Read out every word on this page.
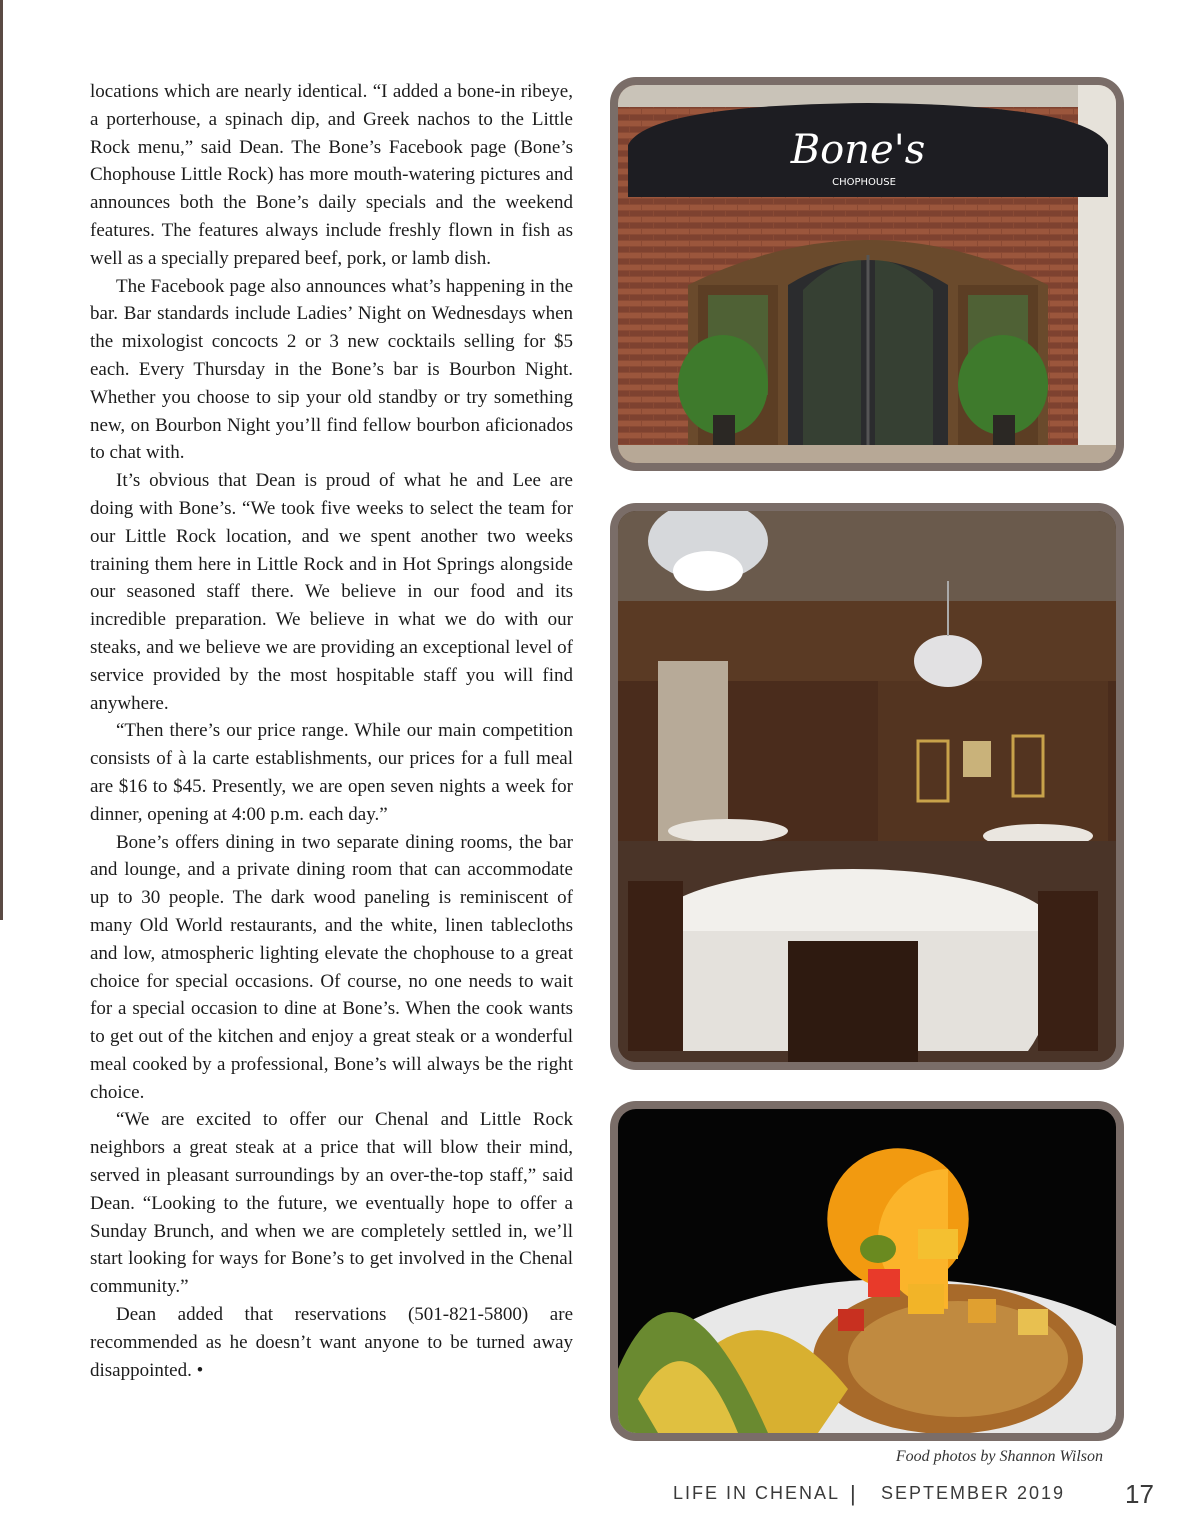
locations which are nearly identical. “I added a bone-in ribeye, a porterhouse, a spinach dip, and Greek nachos to the Little Rock menu,” said Dean. The Bone’s Facebook page (Bone’s Chophouse Little Rock) has more mouth-watering pictures and announces both the Bone’s daily specials and the weekend features. The features always include freshly flown in fish as well as a specially prepared beef, pork, or lamb dish.

The Facebook page also announces what’s happening in the bar. Bar standards include Ladies’ Night on Wednesdays when the mixologist concocts 2 or 3 new cocktails selling for $5 each. Every Thursday in the Bone’s bar is Bourbon Night. Whether you choose to sip your old standby or try something new, on Bourbon Night you’ll find fellow bourbon aficionados to chat with.

It’s obvious that Dean is proud of what he and Lee are doing with Bone’s. “We took five weeks to select the team for our Little Rock location, and we spent another two weeks training them here in Little Rock and in Hot Springs alongside our seasoned staff there. We believe in our food and its incredible preparation. We believe in what we do with our steaks, and we believe we are providing an exceptional level of service provided by the most hospitable staff you will find anywhere.

“Then there’s our price range. While our main competition consists of à la carte establishments, our prices for a full meal are $16 to $45. Presently, we are open seven nights a week for dinner, opening at 4:00 p.m. each day.”

Bone’s offers dining in two separate dining rooms, the bar and lounge, and a private dining room that can accommodate up to 30 people. The dark wood paneling is reminiscent of many Old World restaurants, and the white, linen tablecloths and low, atmospheric lighting elevate the chophouse to a great choice for special occasions. Of course, no one needs to wait for a special occasion to dine at Bone’s. When the cook wants to get out of the kitchen and enjoy a great steak or a wonderful meal cooked by a professional, Bone’s will always be the right choice.

“We are excited to offer our Chenal and Little Rock neighbors a great steak at a price that will blow their mind, served in pleasant surroundings by an over-the-top staff,” said Dean. “Looking to the future, we eventually hope to offer a Sunday Brunch, and when we are completely settled in, we’ll start looking for ways for Bone’s to get involved in the Chenal community.”

Dean added that reservations (501-821-5800) are recommended as he doesn’t want anyone to be turned away disappointed. •

Bone's
CHOPHOUSE
Food photos by Shannon Wilson
LIFE IN CHENAL | SEPTEMBER 2019 17
